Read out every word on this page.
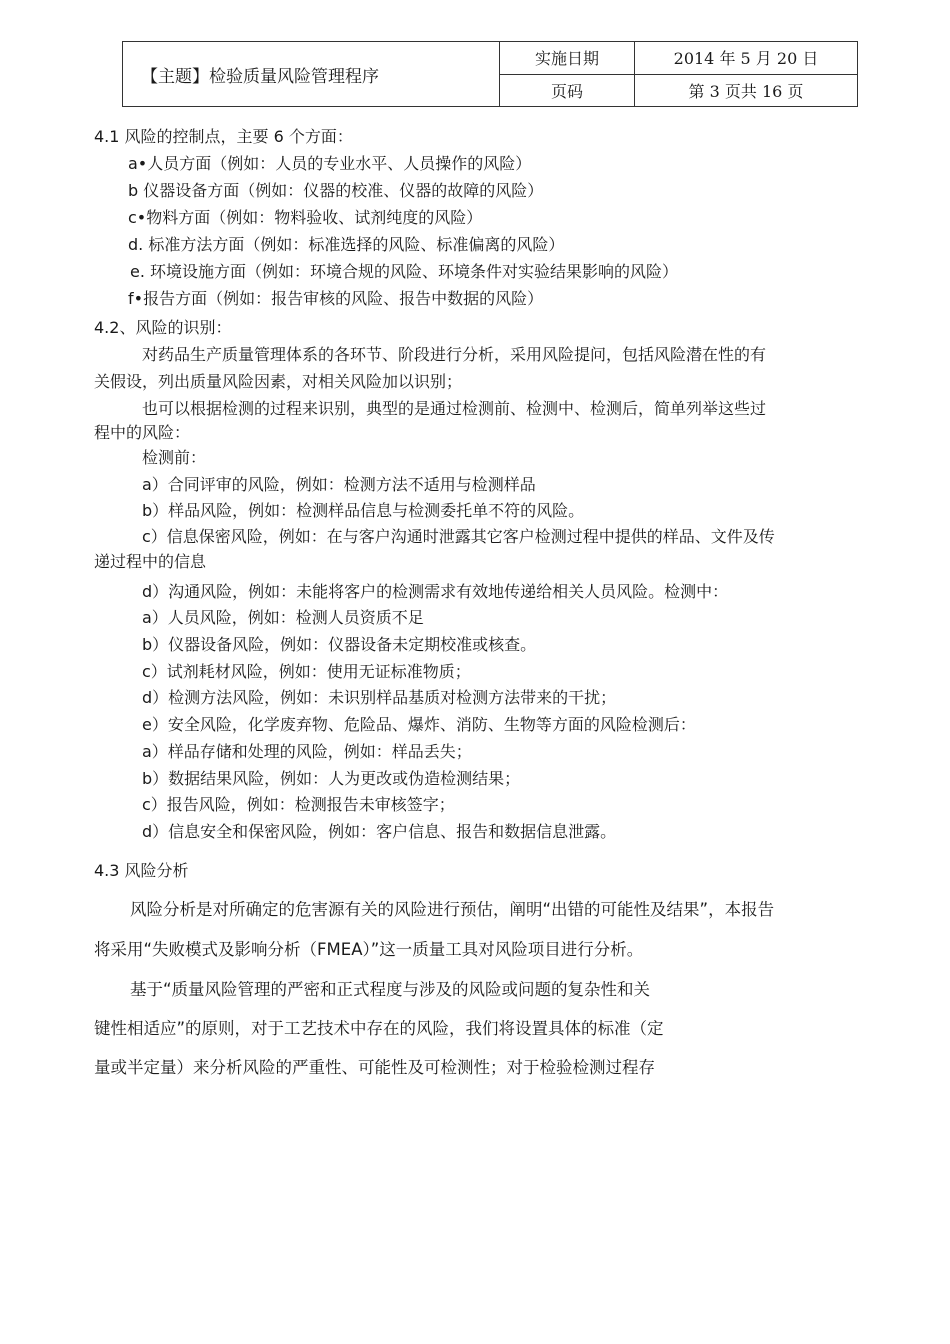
【主题】检验质量风险管理程序	实施日期	2014 年 5 月 20 日
	页码	第 3 页共 16 页
4.1 风险的控制点，主要 6 个方面：
a•人员方面（例如：人员的专业水平、人员操作的风险）
b 仪器设备方面（例如：仪器的校准、仪器的故障的风险）
c•物料方面（例如：物料验收、试剂纯度的风险）
d. 标准方法方面（例如：标准选择的风险、标准偏离的风险）
e. 环境设施方面（例如：环境合规的风险、环境条件对实验结果影响的风险）
f•报告方面（例如：报告审核的风险、报告中数据的风险）
4.2、风险的识别：
对药品生产质量管理体系的各环节、阶段进行分析，采用风险提问，包括风险潜在性的有
关假设，列出质量风险因素，对相关风险加以识别；
也可以根据检测的过程来识别，典型的是通过检测前、检测中、检测后，简单列举这些过
程中的风险：
检测前：
a）合同评审的风险，例如：检测方法不适用与检测样品
b）样品风险，例如：检测样品信息与检测委托单不符的风险。
c）信息保密风险，例如：在与客户沟通时泄露其它客户检测过程中提供的样品、文件及传
递过程中的信息
d）沟通风险，例如：未能将客户的检测需求有效地传递给相关人员风险。检测中：
a）人员风险，例如：检测人员资质不足
b）仪器设备风险，例如：仪器设备未定期校准或核查。
c）试剂耗材风险，例如：使用无证标准物质；
d）检测方法风险，例如：未识别样品基质对检测方法带来的干扰；
e）安全风险，化学废弃物、危险品、爆炸、消防、生物等方面的风险检测后：
a）样品存储和处理的风险，例如：样品丢失；
b）数据结果风险，例如：人为更改或伪造检测结果；
c）报告风险，例如：检测报告未审核签字；
d）信息安全和保密风险，例如：客户信息、报告和数据信息泄露。
4.3 风险分析
风险分析是对所确定的危害源有关的风险进行预估，阐明“出错的可能性及结果”，本报告
将采用“失败模式及影响分析（FMEA）”这一质量工具对风险项目进行分析。
基于“质量风险管理的严密和正式程度与涉及的风险或问题的复杂性和关
键性相适应”的原则，对于工艺技术中存在的风险，我们将设置具体的标准（定
量或半定量）来分析风险的严重性、可能性及可检测性；对于检验检测过程存
